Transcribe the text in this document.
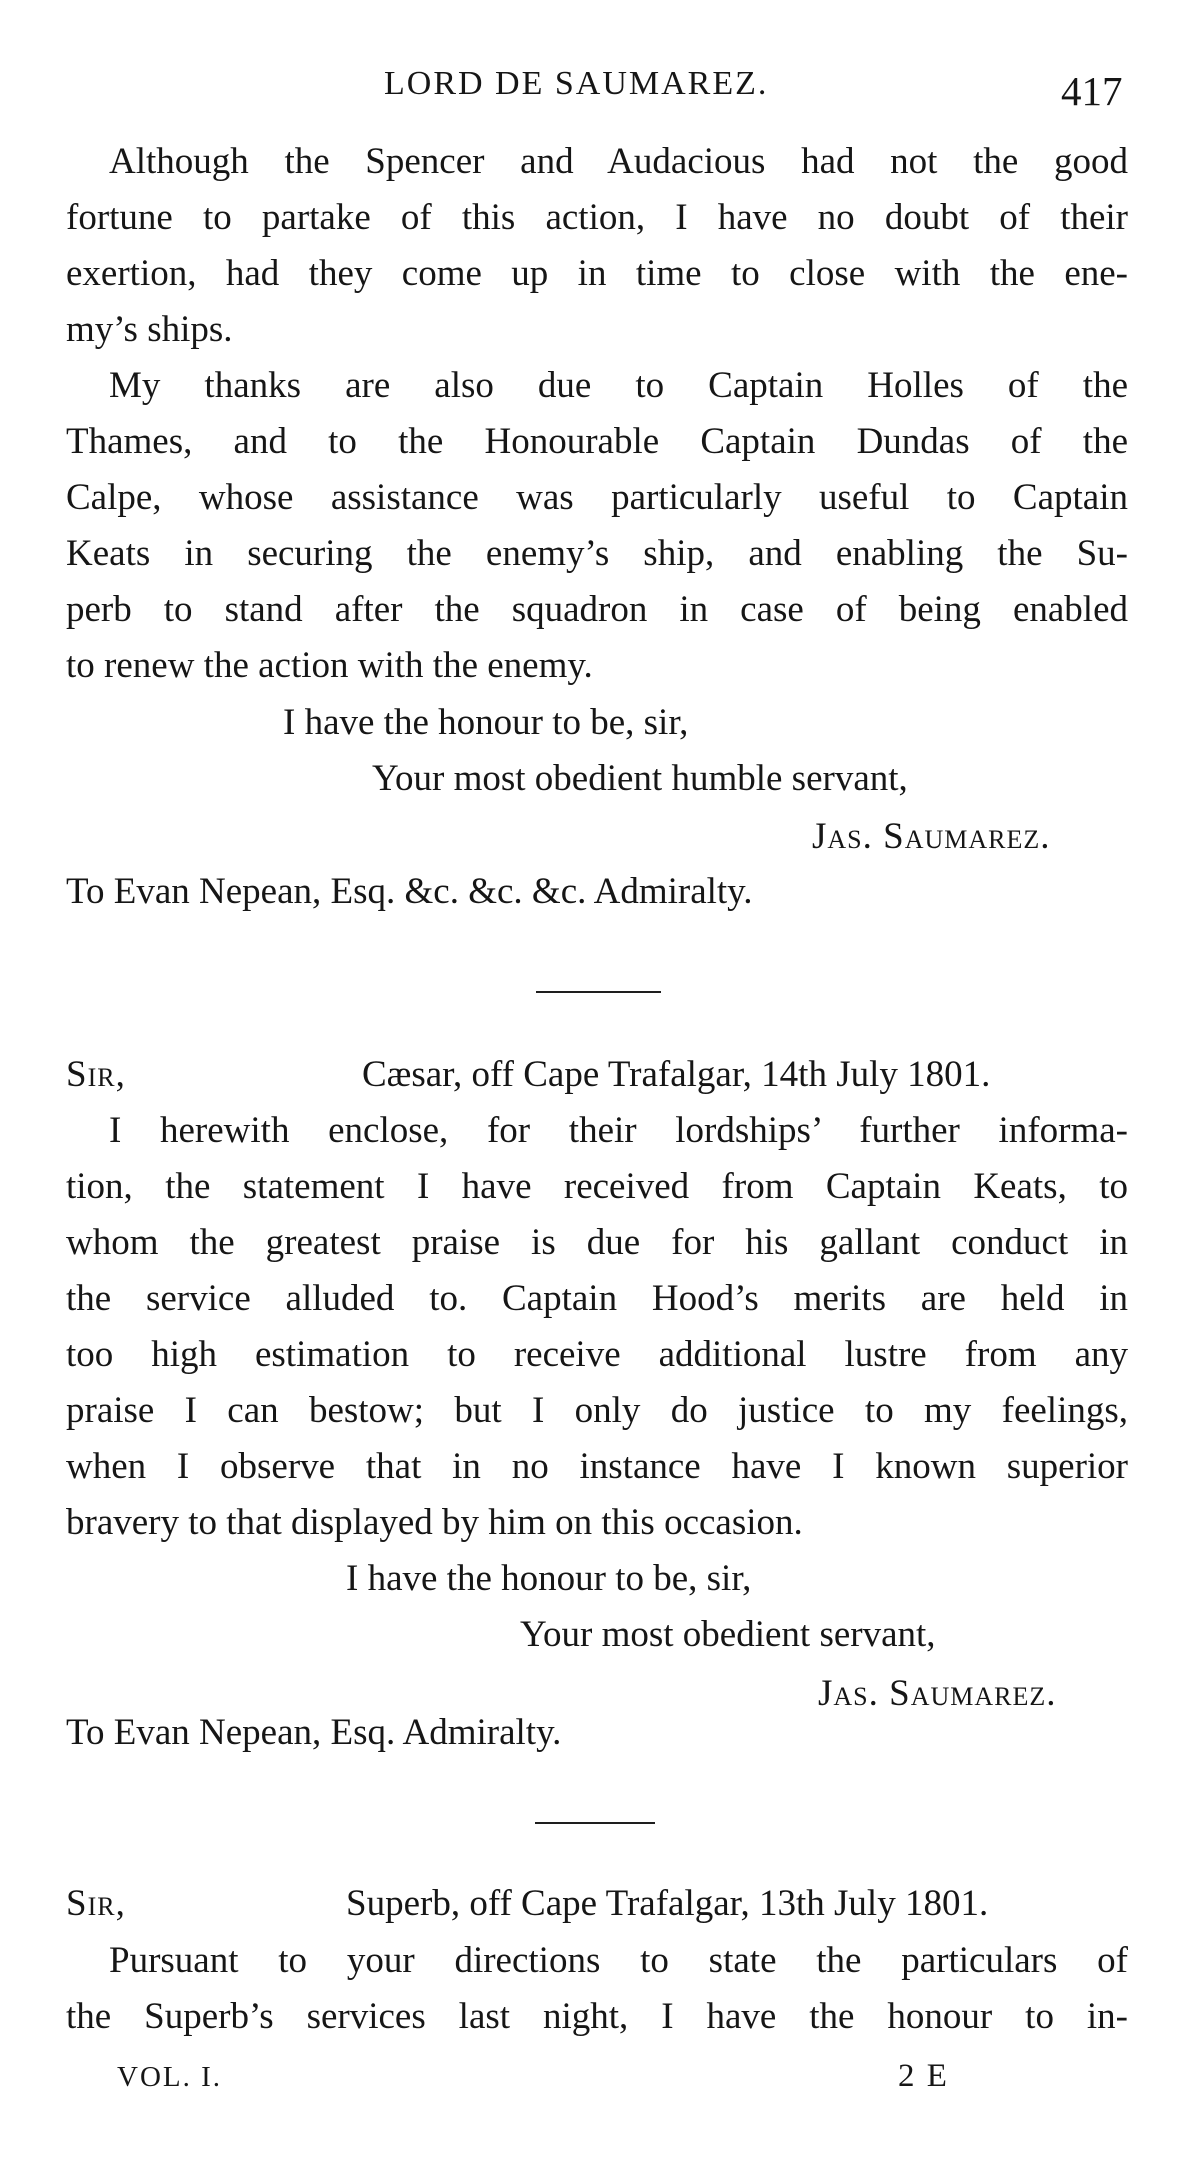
LORD DE SAUMAREZ.	417
Although the Spencer and Audacious had not the good
fortune to partake of this action, I have no doubt of their
exertion, had they come up in time to close with the ene-
my’s ships.
My thanks are also due to Captain Holles of the
Thames, and to the Honourable Captain Dundas of the
Calpe, whose assistance was particularly useful to Captain
Keats in securing the enemy’s ship, and enabling the Su-
perb to stand after the squadron in case of being enabled
to renew the action with the enemy.
I have the honour to be, sir,
Your most obedient humble servant,
Jas. Saumarez.
To Evan Nepean, Esq. &c. &c. &c. Admiralty.
Sir,	Cæsar, off Cape Trafalgar, 14th July 1801.
I herewith enclose, for their lordships’ further informa-
tion, the statement I have received from Captain Keats, to
whom the greatest praise is due for his gallant conduct in
the service alluded to. Captain Hood’s merits are held in
too high estimation to receive additional lustre from any
praise I can bestow; but I only do justice to my feelings,
when I observe that in no instance have I known superior
bravery to that displayed by him on this occasion.
I have the honour to be, sir,
Your most obedient servant,
Jas. Saumarez.
To Evan Nepean, Esq. Admiralty.
Sir,	Superb, off Cape Trafalgar, 13th July 1801.
Pursuant to your directions to state the particulars of
the Superb’s services last night, I have the honour to in-
VOL. I.	2 E
